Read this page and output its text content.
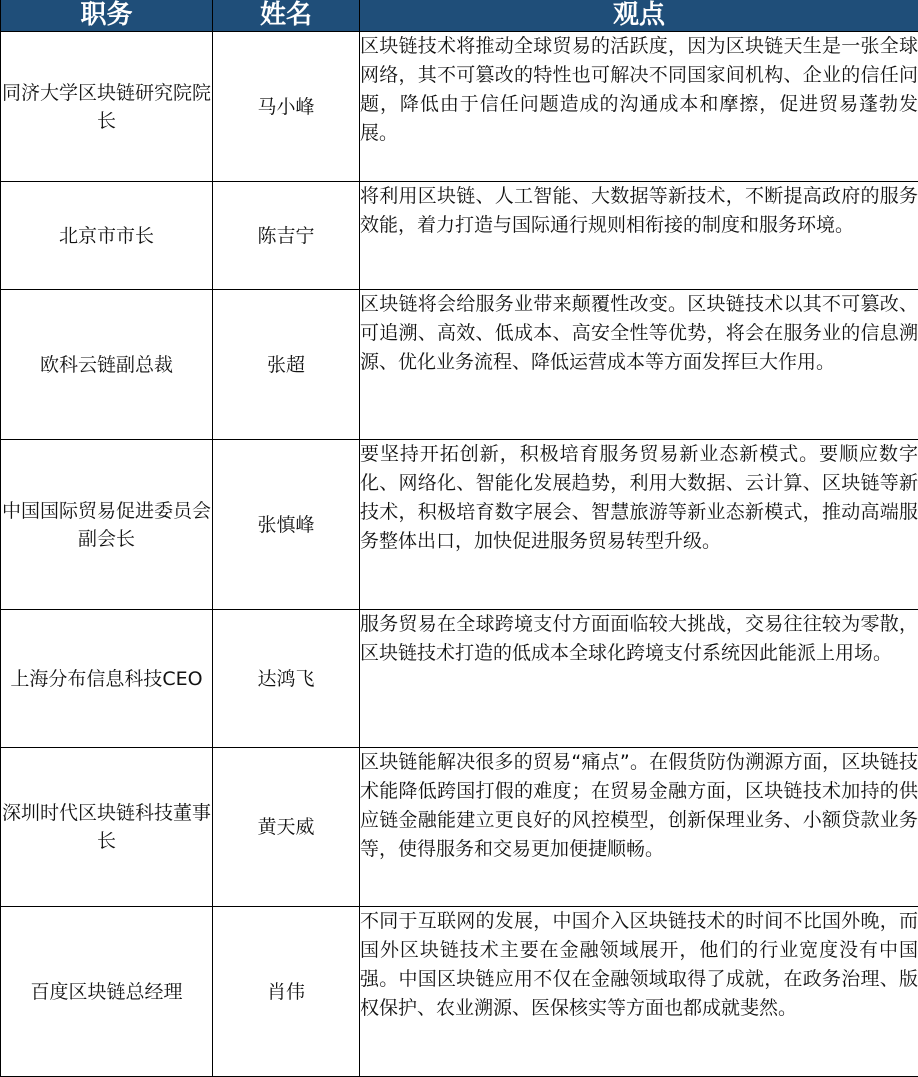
职务	姓名	观点
同济大学区块链研究院院长	马小峰	区块链技术将推动全球贸易的活跃度，因为区块链天生是一张全球网络，其不可篡改的特性也可解决不同国家间机构、企业的信任问题，降低由于信任问题造成的沟通成本和摩擦，促进贸易蓬勃发展。
北京市市长	陈吉宁	将利用区块链、人工智能、大数据等新技术，不断提高政府的服务效能，着力打造与国际通行规则相衔接的制度和服务环境。
欧科云链副总裁	张超	区块链将会给服务业带来颠覆性改变。区块链技术以其不可篡改、可追溯、高效、低成本、高安全性等优势，将会在服务业的信息溯源、优化业务流程、降低运营成本等方面发挥巨大作用。
中国国际贸易促进委员会副会长	张慎峰	要坚持开拓创新，积极培育服务贸易新业态新模式。要顺应数字化、网络化、智能化发展趋势，利用大数据、云计算、区块链等新技术，积极培育数字展会、智慧旅游等新业态新模式，推动高端服务整体出口，加快促进服务贸易转型升级。
上海分布信息科技CEO	达鸿飞	服务贸易在全球跨境支付方面面临较大挑战，交易往往较为零散，区块链技术打造的低成本全球化跨境支付系统因此能派上用场。
深圳时代区块链科技董事长	黄天威	区块链能解决很多的贸易“痛点”。在假货防伪溯源方面，区块链技术能降低跨国打假的难度；在贸易金融方面，区块链技术加持的供应链金融能建立更良好的风控模型，创新保理业务、小额贷款业务等，使得服务和交易更加便捷顺畅。
百度区块链总经理	肖伟	不同于互联网的发展，中国介入区块链技术的时间不比国外晚，而国外区块链技术主要在金融领域展开，他们的行业宽度没有中国强。中国区块链应用不仅在金融领域取得了成就，在政务治理、版权保护、农业溯源、医保核实等方面也都成就斐然。
